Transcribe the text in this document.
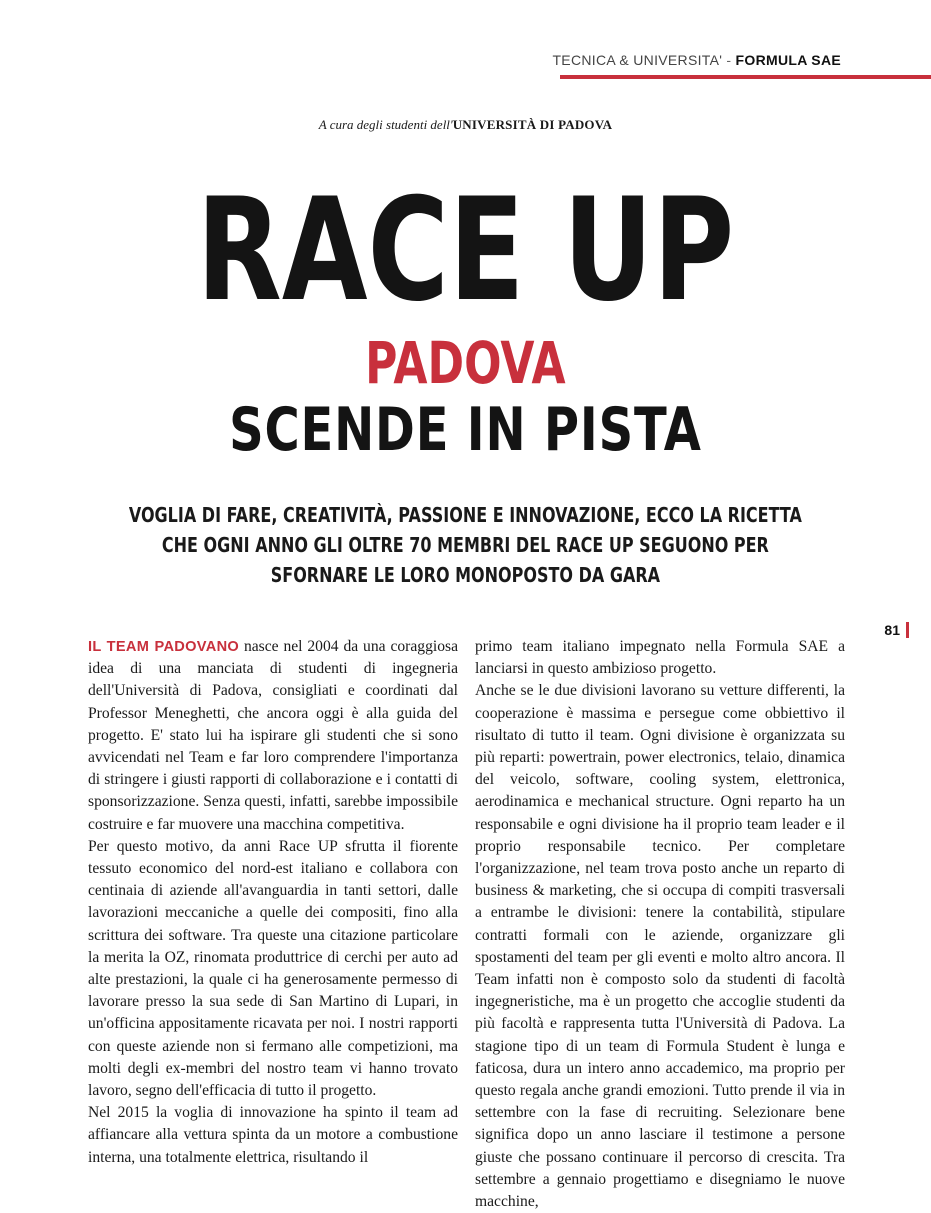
TECNICA & UNIVERSITA' - FORMULA SAE
A cura degli studenti dell'UNIVERSITÀ DI PADOVA
RACE UP
PADOVA
SCENDE IN PISTA
VOGLIA DI FARE, CREATIVITÀ, PASSIONE E INNOVAZIONE, ECCO LA RICETTA
CHE OGNI ANNO GLI OLTRE 70 MEMBRI DEL RACE UP SEGUONO PER
SFORNARE LE LORO MONOPOSTO DA GARA
81

IL TEAM PADOVANO nasce nel 2004 da una coraggiosa idea di una manciata di studenti di ingegneria dell'Università di Padova, consigliati e coordinati dal Professor Meneghetti, che ancora oggi è alla guida del progetto. E' stato lui ha ispirare gli studenti che si sono avvicendati nel Team e far loro comprendere l'importanza di stringere i giusti rapporti di collaborazione e i contatti di sponsorizzazione. Senza questi, infatti, sarebbe impossibile costruire e far muovere una macchina competitiva.

Per questo motivo, da anni Race UP sfrutta il fiorente tessuto economico del nord-est italiano e collabora con centinaia di aziende all'avanguardia in tanti settori, dalle lavorazioni meccaniche a quelle dei compositi, fino alla scrittura dei software. Tra queste una citazione particolare la merita la OZ, rinomata produttrice di cerchi per auto ad alte prestazioni, la quale ci ha generosamente permesso di lavorare presso la sua sede di San Martino di Lupari, in un'officina appositamente ricavata per noi. I nostri rapporti con queste aziende non si fermano alle competizioni, ma molti degli ex-membri del nostro team vi hanno trovato lavoro, segno dell'efficacia di tutto il progetto.

Nel 2015 la voglia di innovazione ha spinto il team ad affiancare alla vettura spinta da un motore a combustione interna, una totalmente elettrica, risultando il

primo team italiano impegnato nella Formula SAE a lanciarsi in questo ambizioso progetto.

Anche se le due divisioni lavorano su vetture differenti, la cooperazione è massima e persegue come obbiettivo il risultato di tutto il team. Ogni divisione è organizzata su più reparti: powertrain, power electronics, telaio, dinamica del veicolo, software, cooling system, elettronica, aerodinamica e mechanical structure. Ogni reparto ha un responsabile e ogni divisione ha il proprio team leader e il proprio responsabile tecnico. Per completare l'organizzazione, nel team trova posto anche un reparto di business & marketing, che si occupa di compiti trasversali a entrambe le divisioni: tenere la contabilità, stipulare contratti formali con le aziende, organizzare gli spostamenti del team per gli eventi e molto altro ancora. Il Team infatti non è composto solo da studenti di facoltà ingegneristiche, ma è un progetto che accoglie studenti da più facoltà e rappresenta tutta l'Università di Padova. La stagione tipo di un team di Formula Student è lunga e faticosa, dura un intero anno accademico, ma proprio per questo regala anche grandi emozioni. Tutto prende il via in settembre con la fase di recruiting. Selezionare bene significa dopo un anno lasciare il testimone a persone giuste che possano continuare il percorso di crescita. Tra settembre a gennaio progettiamo e disegniamo le nuove macchine,
